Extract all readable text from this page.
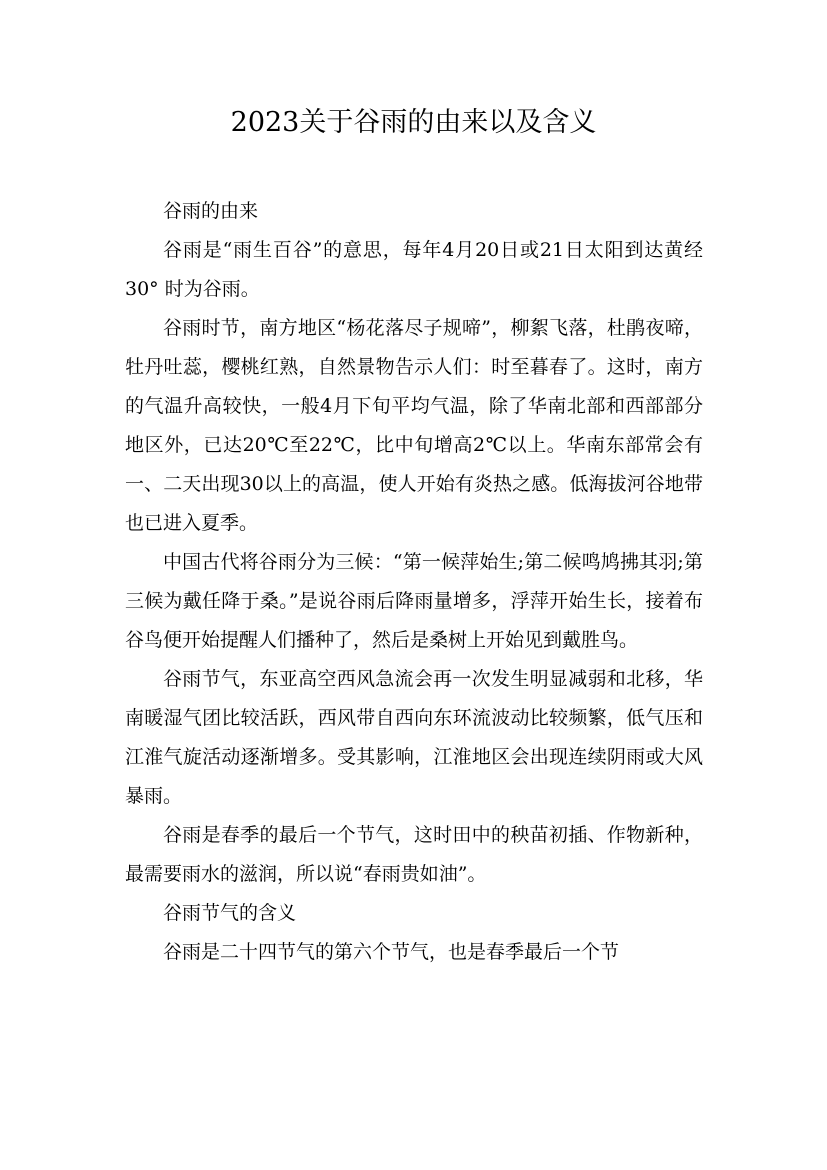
2023关于谷雨的由来以及含义

谷雨的由来

谷雨是“雨生百谷”的意思，每年4月20日或21日太阳到达黄经30° 时为谷雨。

谷雨时节，南方地区“杨花落尽子规啼”，柳絮飞落，杜鹃夜啼，牡丹吐蕊，樱桃红熟，自然景物告示人们：时至暮春了。这时，南方的气温升高较快，一般4月下旬平均气温，除了华南北部和西部部分地区外，已达20℃至22℃，比中旬增高2℃以上。华南东部常会有一、二天出现30以上的高温，使人开始有炎热之感。低海拔河谷地带也已进入夏季。

中国古代将谷雨分为三候：“第一候萍始生;第二候鸣鸠拂其羽;第三候为戴任降于桑。”是说谷雨后降雨量增多，浮萍开始生长，接着布谷鸟便开始提醒人们播种了，然后是桑树上开始见到戴胜鸟。

谷雨节气，东亚高空西风急流会再一次发生明显减弱和北移，华南暖湿气团比较活跃，西风带自西向东环流波动比较频繁，低气压和江淮气旋活动逐渐增多。受其影响，江淮地区会出现连续阴雨或大风暴雨。

谷雨是春季的最后一个节气，这时田中的秧苗初插、作物新种，最需要雨水的滋润，所以说“春雨贵如油”。

谷雨节气的含义

谷雨是二十四节气的第六个节气，也是春季最后一个节
